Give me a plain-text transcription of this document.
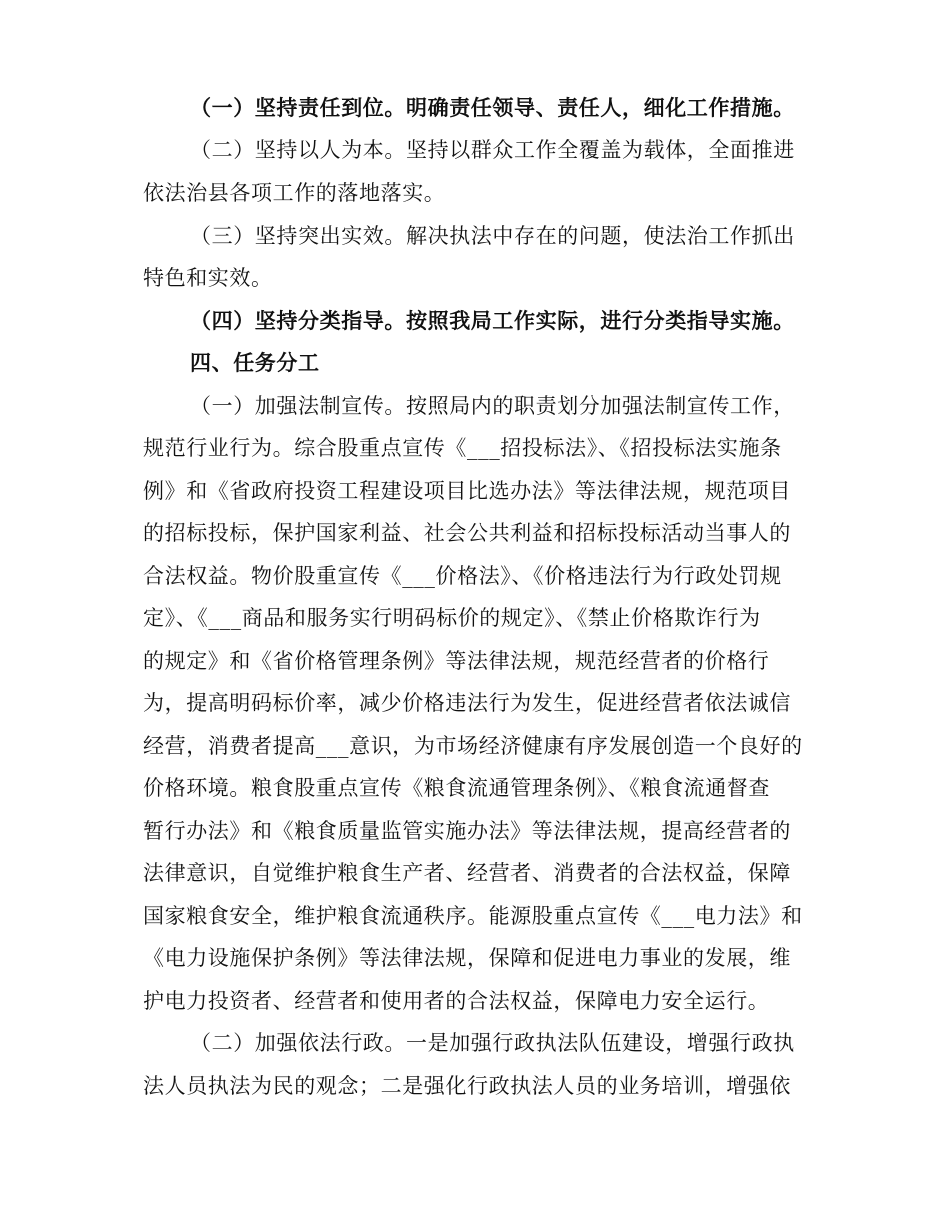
（一）坚持责任到位。明确责任领导、责任人，细化工作措施。
（二）坚持以人为本。坚持以群众工作全覆盖为载体，全面推进
依法治县各项工作的落地落实。
（三）坚持突出实效。解决执法中存在的问题，使法治工作抓出
特色和实效。
（四）坚持分类指导。按照我局工作实际，进行分类指导实施。
四、任务分工
（一）加强法制宣传。按照局内的职责划分加强法制宣传工作，
规范行业行为。综合股重点宣传《___招投标法》、《招投标法实施条
例》和《省政府投资工程建设项目比选办法》等法律法规，规范项目
的招标投标，保护国家利益、社会公共利益和招标投标活动当事人的
合法权益。物价股重宣传《___价格法》、《价格违法行为行政处罚规
定》、《___商品和服务实行明码标价的规定》、《禁止价格欺诈行为
的规定》和《省价格管理条例》等法律法规，规范经营者的价格行
为，提高明码标价率，减少价格违法行为发生，促进经营者依法诚信
经营，消费者提高___意识，为市场经济健康有序发展创造一个良好的
价格环境。粮食股重点宣传《粮食流通管理条例》、《粮食流通督查
暂行办法》和《粮食质量监管实施办法》等法律法规，提高经营者的
法律意识，自觉维护粮食生产者、经营者、消费者的合法权益，保障
国家粮食安全，维护粮食流通秩序。能源股重点宣传《___电力法》和
《电力设施保护条例》等法律法规，保障和促进电力事业的发展，维
护电力投资者、经营者和使用者的合法权益，保障电力安全运行。
（二）加强依法行政。一是加强行政执法队伍建设，增强行政执
法人员执法为民的观念；二是强化行政执法人员的业务培训，增强依
